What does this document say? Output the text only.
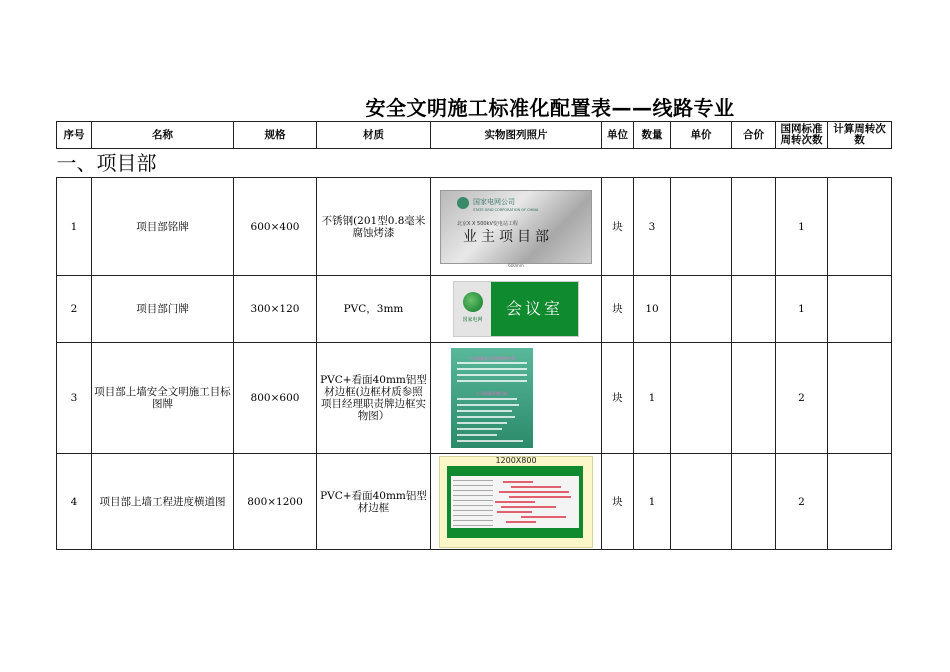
安全文明施工标准化配置表——线路专业
序号	名称	规格	材质	实物图列照片	单位	数量	单价	合价	国网标准周转次数	计算周转次数
一、项目部										
1	项目部铭牌	600×400	不锈钢(201型0.8毫米腐蚀烤漆	国家电网公司
STATE GRID CORPORATION OF CHINA
北京X X 500kV变电站工程
业主项目部
600mm	块	3			1	
2	项目部门牌	300×120	PVC，3mm	国家电网
会议室	块	10			1	
3	项目部上墙安全文明施工目标图牌	800×600	PVC+看面40mm铝型材边框(边框材质参照项目经理职责牌边框实物图）	公司质量安全环境管理方针
公司质量管理目标	块	1			2	
4	项目部上墙工程进度横道图	800×1200	PVC+看面40mm铝型材边框	1200X800	块	1			2	
